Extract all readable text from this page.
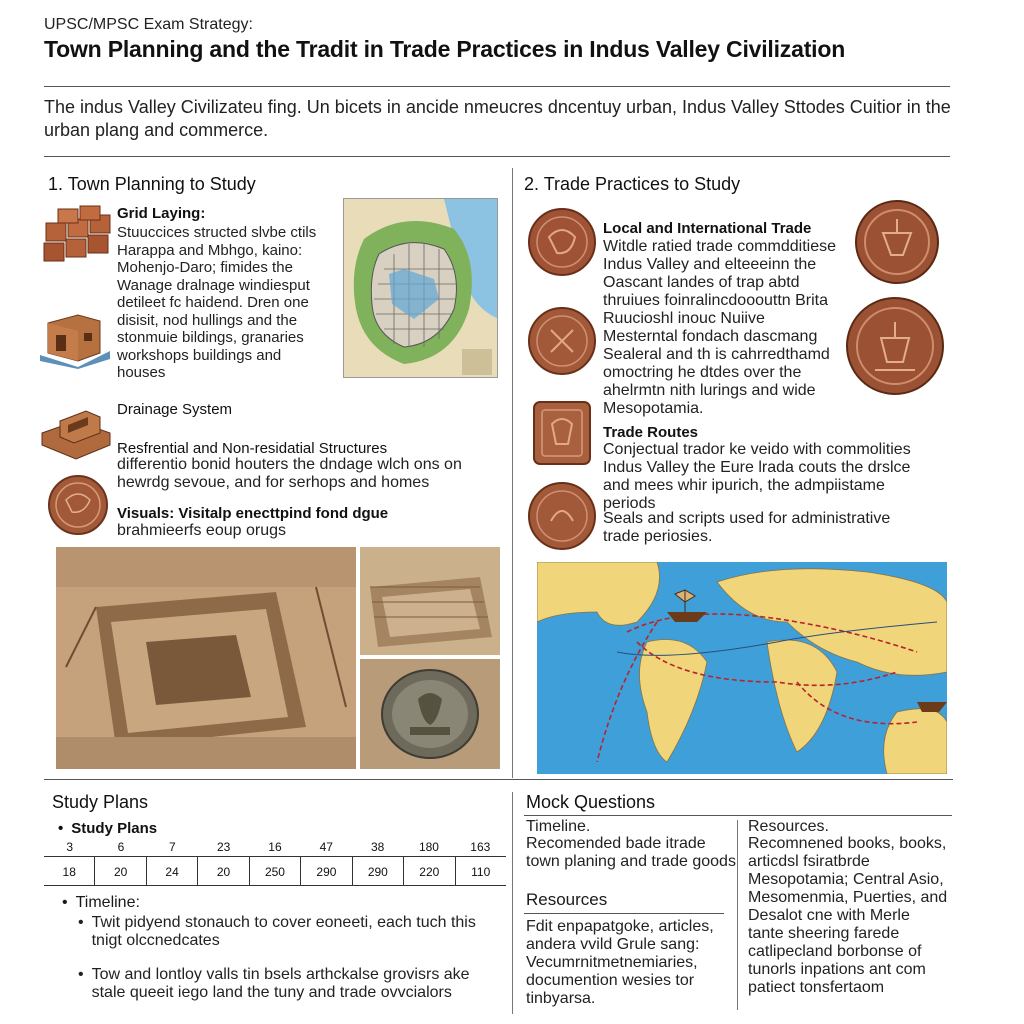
UPSC/MPSC Exam Strategy:
Town Planning and the Tradit in Trade Practices in Indus Valley Civilization
The indus Valley Civilizateu fing. Un bicets in ancide nmeucres dncentuy urban, Indus Valley Sttodes Cuitior in the urban plang and commerce.
1. Town Planning to Study
Grid Laying:
Stuuccices structed slvbe ctils Harappa and Mbhgo, kaino: Mohenjo-Daro; fimides the Wanage dralnage windiesput detileet fc haidend. Dren one disisit, nod hullings and the stonmuie bildings, granaries workshops buildings and houses
Drainage System
Resfrential and Non-residatial Structures
differentio bonid houters the dndage wlch ons on hewrdg sevoue, and for serhops and homes
Visuals: Visitalp enecttpind fond dgue
brahmieerfs eoup orugs
2. Trade Practices to Study
Local and International Trade
Witdle ratied trade commdditiese Indus Valley and elteeeinn the Oascant landes of trap abtd thruiues foinralincdooouttn Brita Ruucioshl inouc Nuiive Mesterntal fondach dascmang Sealeral and th is cahrredthamd omoctring he dtdes over the ahelrmtn nith lurings and wide Mesopotamia.
Trade Routes
Conjectual trador ke veido with commolities Indus Valley the Eure lrada couts the drslce and mees whir ipurich, the admpiistame periods
Seals and scripts used for administrative trade periosies.
Study Plans
• Study Plans
3	6	7	23	16	47	38	180	163
18	20	24	20	250	290	290	220	110
• Timeline:
• Twit pidyend stonauch to cover eoneeti, each tuch this tnigt olccnedcates
• Tow and lontloy valls tin bsels arthckalse grovisrs ake stale queeit iego land the tuny and trade ovvcialors
Mock Questions
Timeline.
Recomended bade itrade town planing and trade goods
Resources
Fdit enpapatgoke, articles, andera vvild Grule sang: Vecumrnitmetnemiaries, documention wesies tor tinbyarsa.
Resources.
Recomnened books, books, articdsl fsiratbrde Mesopotamia; Central Asio, Mesomenmia, Puerties, and Desalot cne with Merle tante sheering farede catlipecland borbonse of tunorls inpations ant com patiect tonsfertaom
